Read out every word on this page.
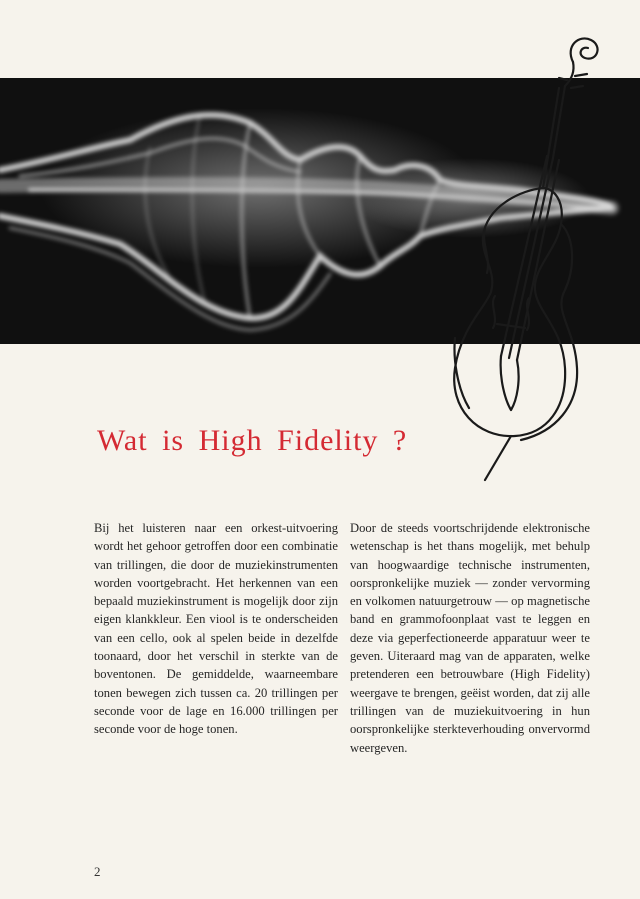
Wat is High Fidelity ?

Bij het luisteren naar een orkest-uitvoering wordt het gehoor getroffen door een combinatie van trillingen, die door de muziekinstrumenten worden voortgebracht. Het herkennen van een bepaald muziekinstrument is mogelijk door zijn eigen klankkleur. Een viool is te onderscheiden van een cello, ook al spelen beide in dezelfde toonaard, door het verschil in sterkte van de boventonen. De gemiddelde, waarneembare tonen bewegen zich tussen ca. 20 trillingen per seconde voor de lage en 16.000 trillingen per seconde voor de hoge tonen.

Door de steeds voortschrijdende elektronische wetenschap is het thans mogelijk, met behulp van hoogwaardige technische instrumenten, oorspronkelijke muziek — zonder vervorming en volkomen natuurgetrouw — op magnetische band en grammofoonplaat vast te leggen en deze via geperfectioneerde apparatuur weer te geven. Uiteraard mag van de apparaten, welke pretenderen een betrouwbare (High Fidelity) weergave te brengen, geëist worden, dat zij alle trillingen van de muziekuitvoering in hun oorspronkelijke sterkteverhouding onvervormd weergeven.

2
